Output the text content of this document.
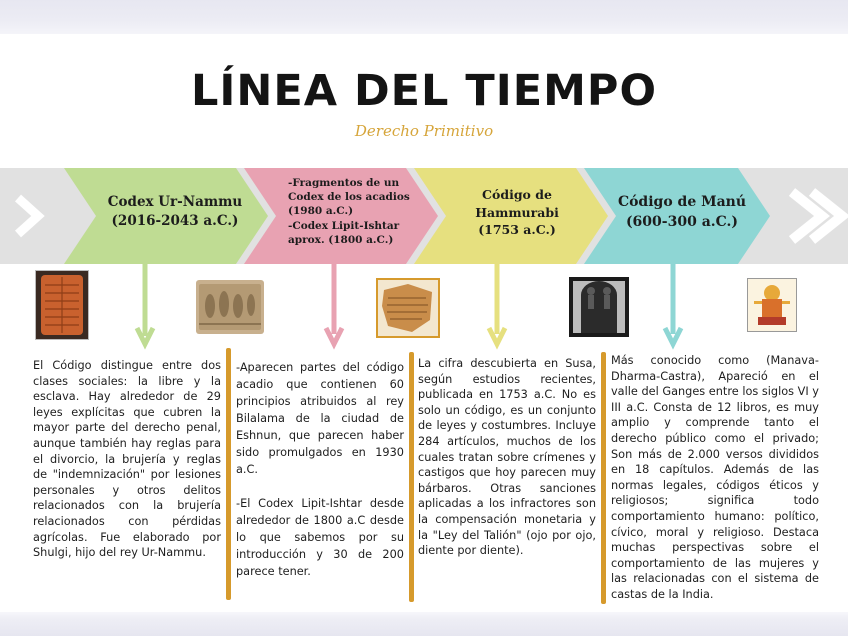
LÍNEA DEL TIEMPO
Derecho Primitivo
Codex Ur-Nammu
(2016-2043 a.C.)
-Fragmentos de un
Codex de los acadios
(1980 a.C.)
-Codex Lipit-Ishtar
aprox. (1800 a.C.)
Código de
Hammurabi
(1753 a.C.)
Código de Manú
(600-300 a.C.)

El Código distingue entre dos clases sociales: la libre y la esclava. Hay alrededor de 29 leyes explícitas que cubren la mayor parte del derecho penal, aunque también hay reglas para el divorcio, la brujería y reglas de "indemnización" por lesiones personales y otros delitos relacionados con la brujería relacionados con pérdidas agrícolas. Fue elaborado por Shulgi, hijo del rey Ur-Nammu.

-Aparecen partes del código acadio que contienen 60 principios atribuidos al rey Bilalama de la ciudad de Eshnun, que parecen haber sido promulgados en 1930 a.C.

-El Codex Lipit-Ishtar desde alrededor de 1800 a.C desde lo que sabemos por su introducción y 30 de 200 parece tener.

La cifra descubierta en Susa, según estudios recientes, publicada en 1753 a.C. No es solo un código, es un conjunto de leyes y costumbres. Incluye 284 artículos, muchos de los cuales tratan sobre crímenes y castigos que hoy parecen muy bárbaros. Otras sanciones aplicadas a los infractores son la compensación monetaria y la "Ley del Talión" (ojo por ojo, diente por diente).

Más conocido como (Manava-Dharma-Castra), Apareció en el valle del Ganges entre los siglos VI y III a.C. Consta de 12 libros, es muy amplio y comprende tanto el derecho público como el privado; Son más de 2.000 versos divididos en 18 capítulos. Además de las normas legales, códigos éticos y religiosos; significa todo comportamiento humano: político, cívico, moral y religioso. Destaca muchas perspectivas sobre el comportamiento de las mujeres y las relacionadas con el sistema de castas de la India.
